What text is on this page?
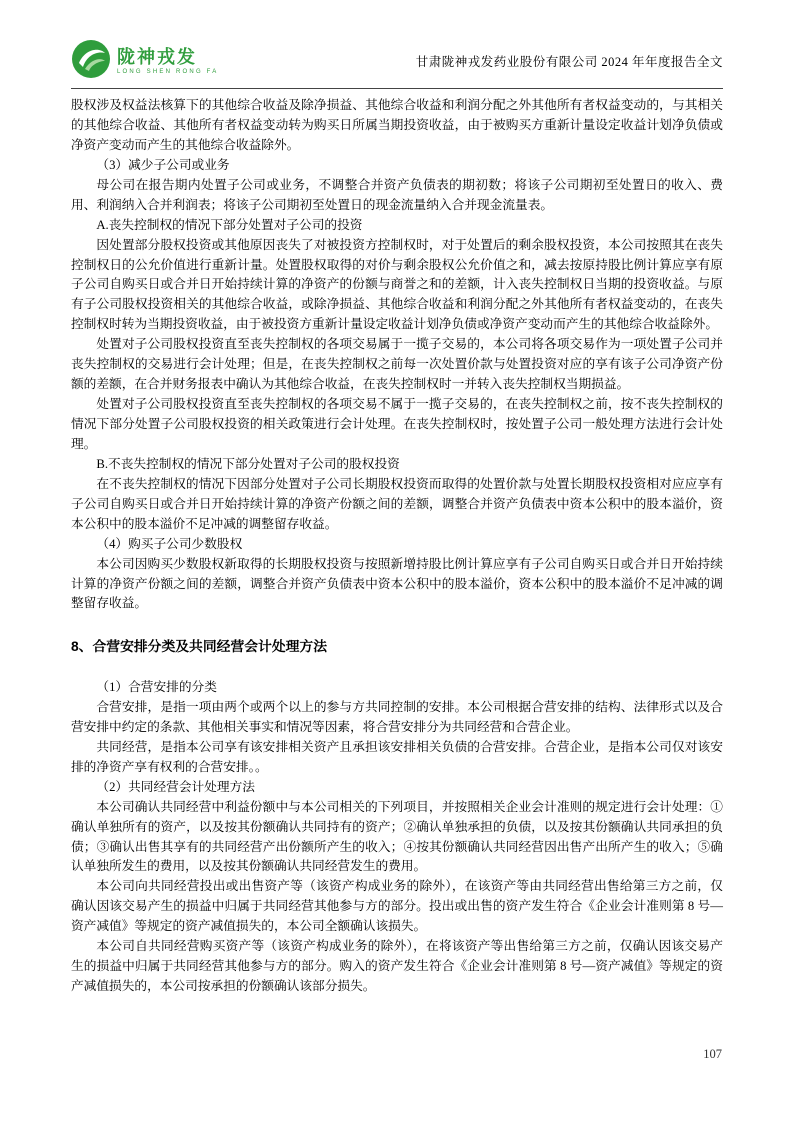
陇神戎发
LONG SHEN RONG FA
甘肃陇神戎发药业股份有限公司 2024 年年度报告全文

股权涉及权益法核算下的其他综合收益及除净损益、其他综合收益和利润分配之外其他所有者权益变动的，与其相关的其他综合收益、其他所有者权益变动转为购买日所属当期投资收益，由于被购买方重新计量设定收益计划净负债或净资产变动而产生的其他综合收益除外。

（3）减少子公司或业务

母公司在报告期内处置子公司或业务，不调整合并资产负债表的期初数；将该子公司期初至处置日的收入、费用、利润纳入合并利润表；将该子公司期初至处置日的现金流量纳入合并现金流量表。

A.丧失控制权的情况下部分处置对子公司的投资

因处置部分股权投资或其他原因丧失了对被投资方控制权时，对于处置后的剩余股权投资，本公司按照其在丧失控制权日的公允价值进行重新计量。处置股权取得的对价与剩余股权公允价值之和，减去按原持股比例计算应享有原子公司自购买日或合并日开始持续计算的净资产的份额与商誉之和的差额，计入丧失控制权日当期的投资收益。与原有子公司股权投资相关的其他综合收益，或除净损益、其他综合收益和利润分配之外其他所有者权益变动的，在丧失控制权时转为当期投资收益，由于被投资方重新计量设定收益计划净负债或净资产变动而产生的其他综合收益除外。

处置对子公司股权投资直至丧失控制权的各项交易属于一揽子交易的，本公司将各项交易作为一项处置子公司并丧失控制权的交易进行会计处理；但是，在丧失控制权之前每一次处置价款与处置投资对应的享有该子公司净资产份额的差额，在合并财务报表中确认为其他综合收益，在丧失控制权时一并转入丧失控制权当期损益。

处置对子公司股权投资直至丧失控制权的各项交易不属于一揽子交易的，在丧失控制权之前，按不丧失控制权的情况下部分处置子公司股权投资的相关政策进行会计处理。在丧失控制权时，按处置子公司一般处理方法进行会计处理。

B.不丧失控制权的情况下部分处置对子公司的股权投资

在不丧失控制权的情况下因部分处置对子公司长期股权投资而取得的处置价款与处置长期股权投资相对应应享有子公司自购买日或合并日开始持续计算的净资产份额之间的差额，调整合并资产负债表中资本公积中的股本溢价，资本公积中的股本溢价不足冲减的调整留存收益。

（4）购买子公司少数股权

本公司因购买少数股权新取得的长期股权投资与按照新增持股比例计算应享有子公司自购买日或合并日开始持续计算的净资产份额之间的差额，调整合并资产负债表中资本公积中的股本溢价，资本公积中的股本溢价不足冲减的调整留存收益。

8、合营安排分类及共同经营会计处理方法

（1）合营安排的分类

合营安排，是指一项由两个或两个以上的参与方共同控制的安排。本公司根据合营安排的结构、法律形式以及合营安排中约定的条款、其他相关事实和情况等因素，将合营安排分为共同经营和合营企业。

共同经营，是指本公司享有该安排相关资产且承担该安排相关负债的合营安排。合营企业，是指本公司仅对该安排的净资产享有权利的合营安排。。

（2）共同经营会计处理方法

本公司确认共同经营中利益份额中与本公司相关的下列项目，并按照相关企业会计准则的规定进行会计处理：①确认单独所有的资产，以及按其份额确认共同持有的资产；②确认单独承担的负债，以及按其份额确认共同承担的负债；③确认出售其享有的共同经营产出份额所产生的收入；④按其份额确认共同经营因出售产出所产生的收入；⑤确认单独所发生的费用，以及按其份额确认共同经营发生的费用。

本公司向共同经营投出或出售资产等（该资产构成业务的除外），在该资产等由共同经营出售给第三方之前，仅确认因该交易产生的损益中归属于共同经营其他参与方的部分。投出或出售的资产发生符合《企业会计准则第 8 号—资产减值》等规定的资产减值损失的，本公司全额确认该损失。

本公司自共同经营购买资产等（该资产构成业务的除外），在将该资产等出售给第三方之前，仅确认因该交易产生的损益中归属于共同经营其他参与方的部分。购入的资产发生符合《企业会计准则第 8 号—资产减值》等规定的资产减值损失的，本公司按承担的份额确认该部分损失。

107
